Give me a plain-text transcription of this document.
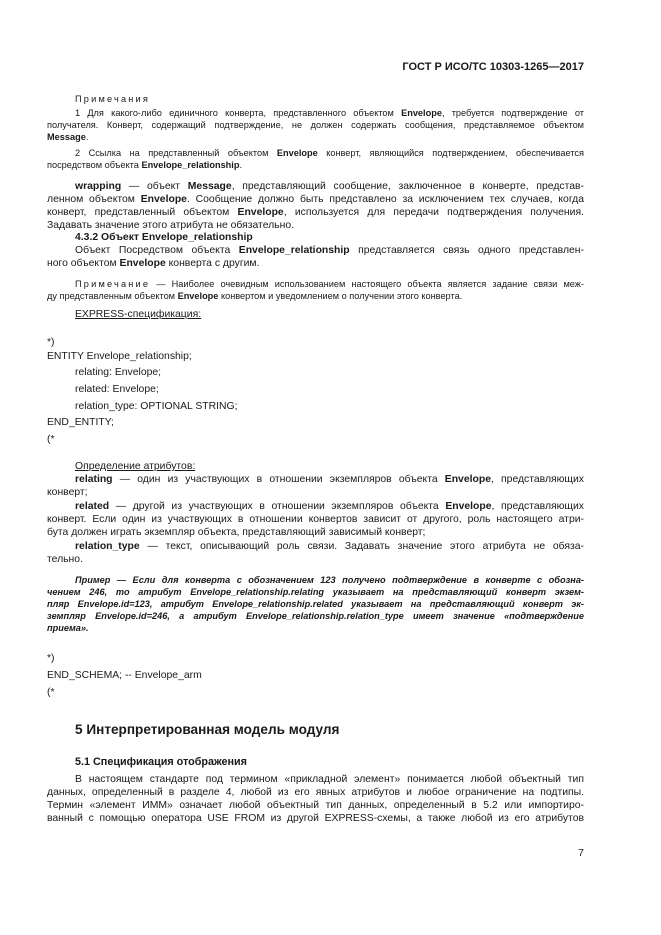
ГОСТ Р ИСО/ТС 10303-1265—2017
Примечания
1 Для какого-либо единичного конверта, представленного объектом Envelope, требуется подтверждение от
получателя. Конверт, содержащий подтверждение, не должен содержать сообщения, представляемое объектом
Message.
2 Ссылка на представленный объектом Envelope конверт, являющийся подтверждением, обеспечивается
посредством объекта Envelope_relationship.
wrapping — объект Message, представляющий сообщение, заключенное в конверте, представ-
ленном объектом Envelope. Сообщение должно быть представлено за исключением тех случаев, когда
конверт, представленный объектом Envelope, используется для передачи подтверждения получения.
Задавать значение этого атрибута не обязательно.
4.3.2 Объект Envelope_relationship
Объект Посредством объекта Envelope_relationship представляется связь одного представлен-
ного объектом Envelope конверта с другим.
Примечание — Наиболее очевидным использованием настоящего объекта является задание связи меж-
ду представленным объектом Envelope конвертом и уведомлением о получении этого конверта.
EXPRESS-спецификация:
*)
ENTITY Envelope_relationship;
relating: Envelope;
related: Envelope;
relation_type: OPTIONAL STRING;
END_ENTITY;
(*
Определение атрибутов:
relating — один из участвующих в отношении экземпляров объекта Envelope, представляющих
конверт;
related — другой из участвующих в отношении экземпляров объекта Envelope, представляющих
конверт. Если один из участвующих в отношении конвертов зависит от другого, роль настоящего атри-
бута должен играть экземпляр объекта, представляющий зависимый конверт;
relation_type — текст, описывающий роль связи. Задавать значение этого атрибута не обяза-
тельно.
Пример — Если для конверта с обозначением 123 получено подтверждение в конверте с обозна-
чением 246, то атрибут Envelope_relationship.relating указывает на представляющий конверт экзем-
пляр Envelope.id=123, атрибут Envelope_relationship.related указывает на представляющий конверт эк-
земпляр Envelope.id=246, а атрибут Envelope_relationship.relation_type имеет значение «подтверждение
приема».
*)
END_SCHEMA; -- Envelope_arm
(*
5 Интерпретированная модель модуля
5.1 Спецификация отображения
В настоящем стандарте под термином «прикладной элемент» понимается любой объектный тип
данных, определенный в разделе 4, любой из его явных атрибутов и любое ограничение на подтипы.
Термин «элемент ИММ» означает любой объектный тип данных, определенный в 5.2 или импортиро-
ванный с помощью оператора USE FROM из другой EXPRESS-схемы, а также любой из его атрибутов
7
